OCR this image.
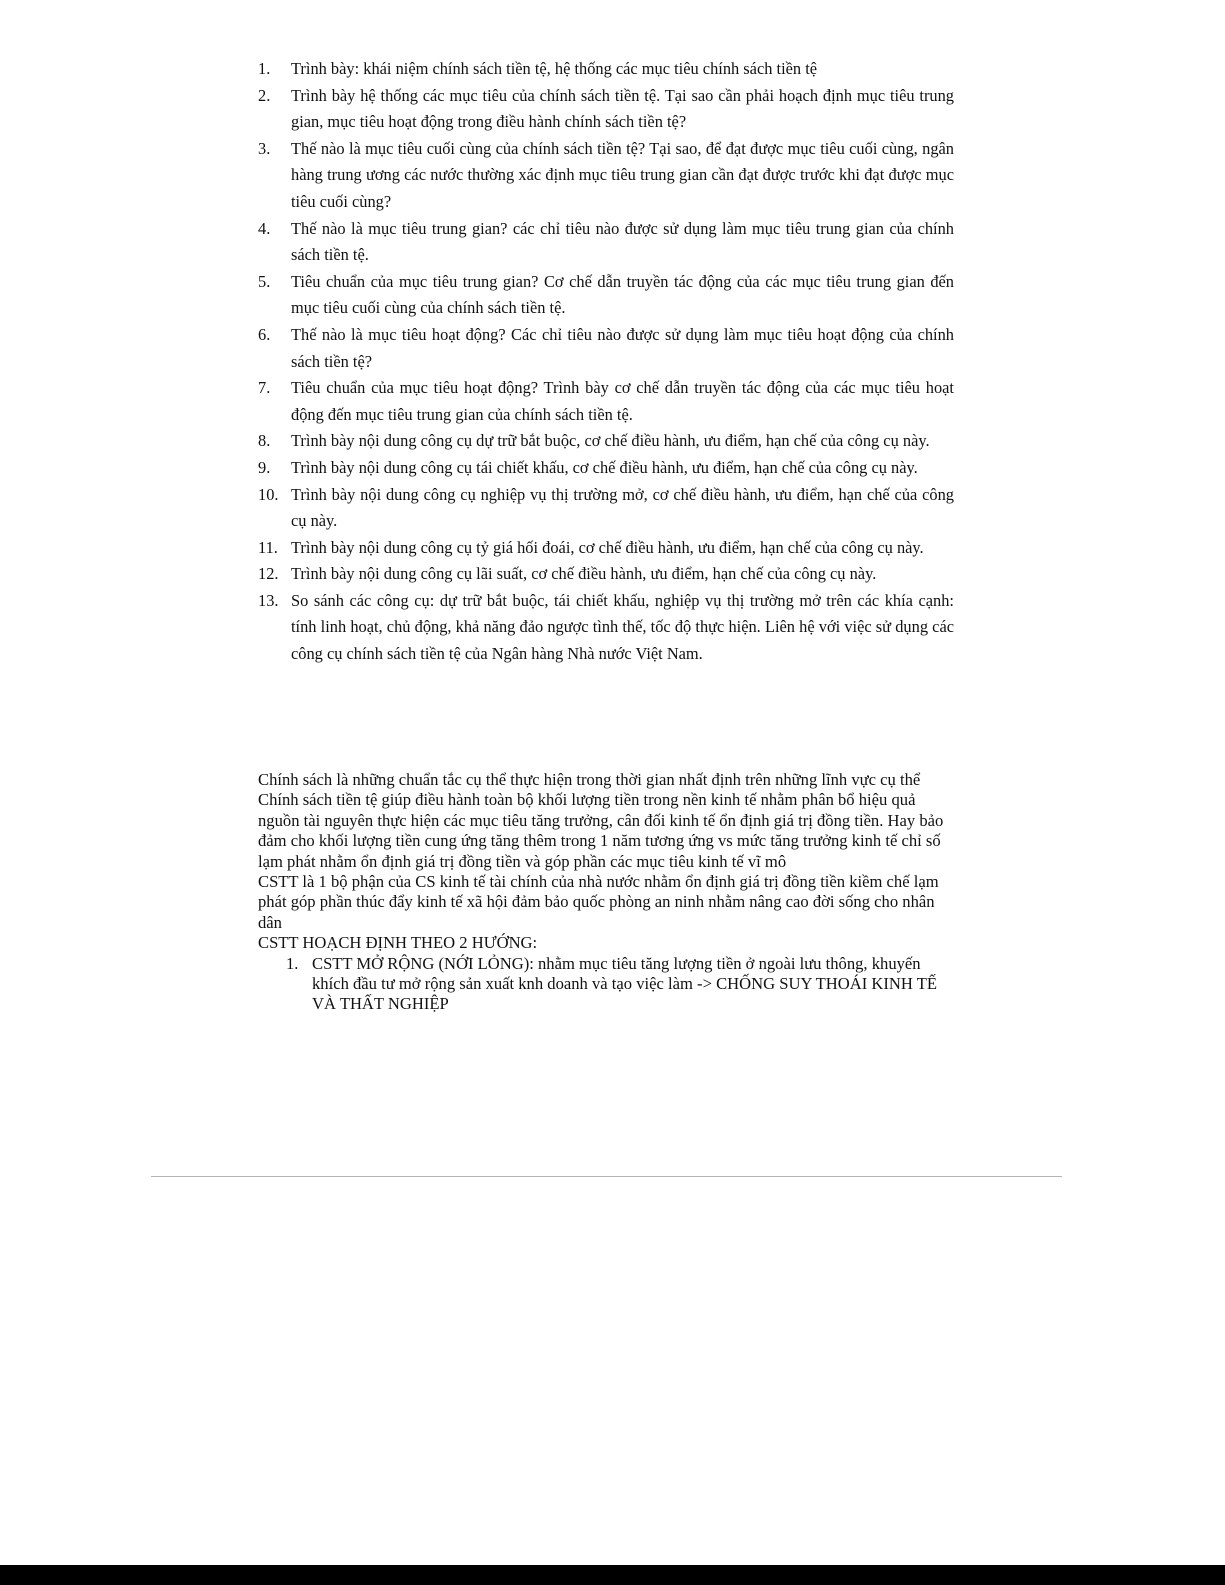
1. Trình bày: khái niệm chính sách tiền tệ, hệ thống các mục tiêu chính sách tiền tệ
2. Trình bày hệ thống các mục tiêu của chính sách tiền tệ. Tại sao cần phải hoạch định mục tiêu trung gian, mục tiêu hoạt động trong điều hành chính sách tiền tệ?
3. Thế nào là mục tiêu cuối cùng của chính sách tiền tệ? Tại sao, để đạt được mục tiêu cuối cùng, ngân hàng trung ương các nước thường xác định mục tiêu trung gian cần đạt được trước khi đạt được mục tiêu cuối cùng?
4. Thế nào là mục tiêu trung gian? các chỉ tiêu nào được sử dụng làm mục tiêu trung gian của chính sách tiền tệ.
5. Tiêu chuẩn của mục tiêu trung gian? Cơ chế dẫn truyền tác động của các mục tiêu trung gian đến mục tiêu cuối cùng của chính sách tiền tệ.
6. Thế nào là mục tiêu hoạt động? Các chỉ tiêu nào được sử dụng làm mục tiêu hoạt động của chính sách tiền tệ?
7. Tiêu chuẩn của mục tiêu hoạt động? Trình bày cơ chế dẫn truyền tác động của các mục tiêu hoạt động đến mục tiêu trung gian của chính sách tiền tệ.
8. Trình bày nội dung công cụ dự trữ bắt buộc, cơ chế điều hành, ưu điểm, hạn chế của công cụ này.
9. Trình bày nội dung công cụ tái chiết khấu, cơ chế điều hành, ưu điểm, hạn chế của công cụ này.
10. Trình bày nội dung công cụ nghiệp vụ thị trường mở, cơ chế điều hành, ưu điểm, hạn chế của công cụ này.
11. Trình bày nội dung công cụ tỷ giá hối đoái, cơ chế điều hành, ưu điểm, hạn chế của công cụ này.
12. Trình bày nội dung công cụ lãi suất, cơ chế điều hành, ưu điểm, hạn chế của công cụ này.
13. So sánh các công cụ: dự trữ bắt buộc, tái chiết khấu, nghiệp vụ thị trường mở trên các khía cạnh: tính linh hoạt, chủ động, khả năng đảo ngược tình thế, tốc độ thực hiện. Liên hệ với việc sử dụng các công cụ chính sách tiền tệ của Ngân hàng Nhà nước Việt Nam.

Chính sách là những chuẩn tắc cụ thể thực hiện trong thời gian nhất định trên những lĩnh vực cụ thể

Chính sách tiền tệ giúp điều hành toàn bộ khối lượng tiền trong nền kinh tế nhằm phân bổ hiệu quả nguồn tài nguyên thực hiện các mục tiêu tăng trưởng, cân đối kinh tế ổn định giá trị đồng tiền. Hay bảo đảm cho khối lượng tiền cung ứng tăng thêm trong 1 năm tương ứng vs mức tăng trưởng kinh tế chỉ số lạm phát nhằm ổn định giá trị đồng tiền và góp phần các mục tiêu kinh tế vĩ mô

CSTT là 1 bộ phận của CS kinh tế tài chính của nhà nước nhằm ổn định giá trị đồng tiền kiềm chế lạm phát góp phần thúc đẩy kinh tế xã hội đảm bảo quốc phòng an ninh nhằm nâng cao đời sống cho nhân dân

CSTT HOẠCH ĐỊNH THEO 2 HƯỚNG:

1. CSTT MỞ RỘNG (NỚI LỎNG): nhằm mục tiêu tăng lượng tiền ở ngoài lưu thông, khuyến khích đầu tư mở rộng sản xuất knh doanh và tạo việc làm -> CHỐNG SUY THOÁI KINH TẾ VÀ THẤT NGHIỆP
